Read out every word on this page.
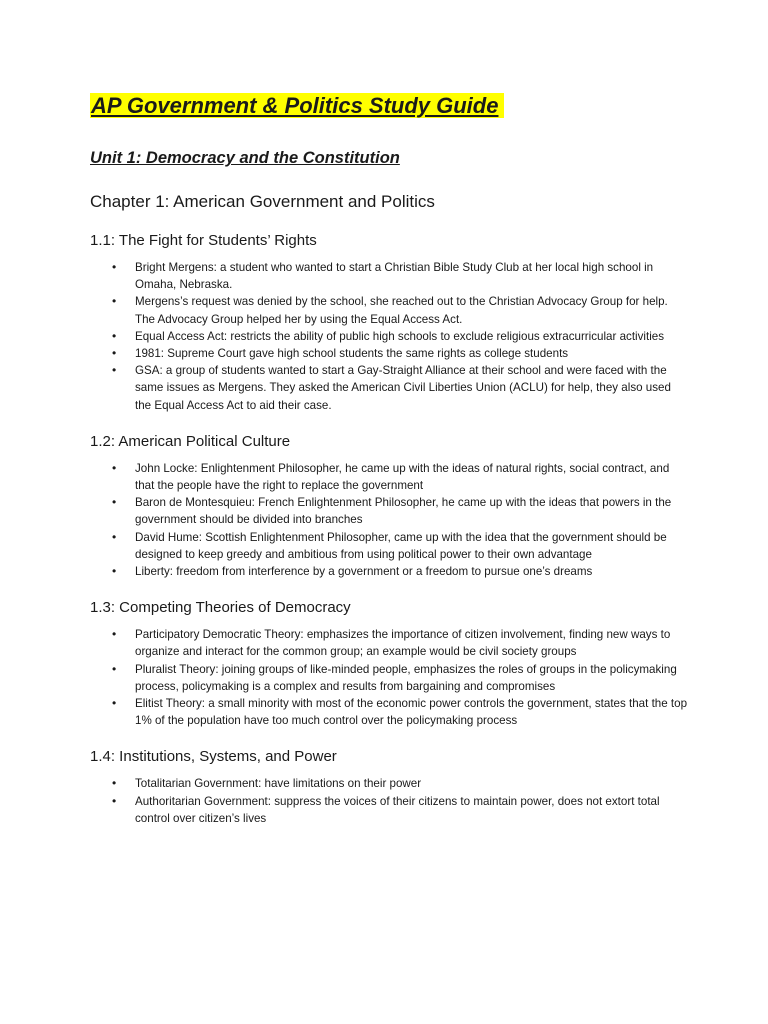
AP Government & Politics Study Guide
Unit 1: Democracy and the Constitution
Chapter 1: American Government and Politics
1.1: The Fight for Students’ Rights
• Bright Mergens: a student who wanted to start a Christian Bible Study Club at her local high school in Omaha, Nebraska.
• Mergens’s request was denied by the school, she reached out to the Christian Advocacy Group for help. The Advocacy Group helped her by using the Equal Access Act.
• Equal Access Act: restricts the ability of public high schools to exclude religious extracurricular activities
• 1981: Supreme Court gave high school students the same rights as college students
• GSA: a group of students wanted to start a Gay-Straight Alliance at their school and were faced with the same issues as Mergens. They asked the American Civil Liberties Union (ACLU) for help, they also used the Equal Access Act to aid their case.
1.2: American Political Culture
• John Locke: Enlightenment Philosopher, he came up with the ideas of natural rights, social contract, and that the people have the right to replace the government
• Baron de Montesquieu: French Enlightenment Philosopher, he came up with the ideas that powers in the government should be divided into branches
• David Hume: Scottish Enlightenment Philosopher, came up with the idea that the government should be designed to keep greedy and ambitious from using political power to their own advantage
• Liberty: freedom from interference by a government or a freedom to pursue one’s dreams
1.3: Competing Theories of Democracy
• Participatory Democratic Theory: emphasizes the importance of citizen involvement, finding new ways to organize and interact for the common group; an example would be civil society groups
• Pluralist Theory: joining groups of like-minded people, emphasizes the roles of groups in the policymaking process, policymaking is a complex and results from bargaining and compromises
• Elitist Theory: a small minority with most of the economic power controls the government, states that the top 1% of the population have too much control over the policymaking process
1.4: Institutions, Systems, and Power
• Totalitarian Government: have limitations on their power
• Authoritarian Government: suppress the voices of their citizens to maintain power, does not extort total control over citizen’s lives
